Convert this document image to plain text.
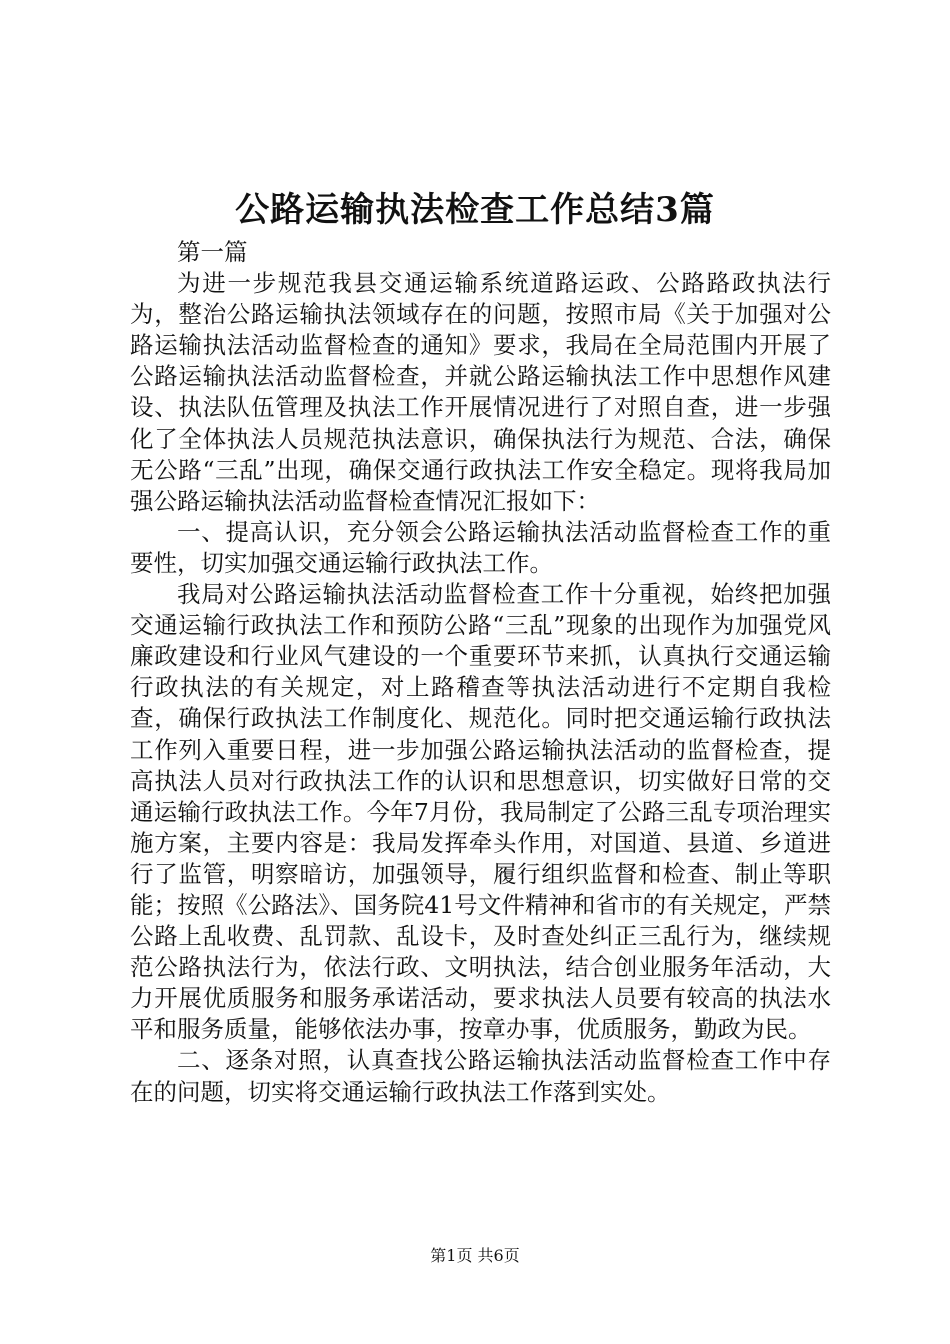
公路运输执法检查工作总结3篇

第一篇

为进一步规范我县交通运输系统道路运政、公路路政执法行为，整治公路运输执法领域存在的问题，按照市局《关于加强对公路运输执法活动监督检查的通知》要求，我局在全局范围内开展了公路运输执法活动监督检查，并就公路运输执法工作中思想作风建设、执法队伍管理及执法工作开展情况进行了对照自查，进一步强化了全体执法人员规范执法意识，确保执法行为规范、合法，确保无公路“三乱”出现，确保交通行政执法工作安全稳定。现将我局加强公路运输执法活动监督检查情况汇报如下：

一、提高认识，充分领会公路运输执法活动监督检查工作的重要性，切实加强交通运输行政执法工作。

我局对公路运输执法活动监督检查工作十分重视，始终把加强交通运输行政执法工作和预防公路“三乱”现象的出现作为加强党风廉政建设和行业风气建设的一个重要环节来抓，认真执行交通运输行政执法的有关规定，对上路稽查等执法活动进行不定期自我检查，确保行政执法工作制度化、规范化。同时把交通运输行政执法工作列入重要日程，进一步加强公路运输执法活动的监督检查，提高执法人员对行政执法工作的认识和思想意识，切实做好日常的交通运输行政执法工作。今年7月份，我局制定了公路三乱专项治理实施方案，主要内容是：我局发挥牵头作用，对国道、县道、乡道进行了监管，明察暗访，加强领导，履行组织监督和检查、制止等职能；按照《公路法》、国务院41号文件精神和省市的有关规定，严禁公路上乱收费、乱罚款、乱设卡，及时查处纠正三乱行为，继续规范公路执法行为，依法行政、文明执法，结合创业服务年活动，大力开展优质服务和服务承诺活动，要求执法人员要有较高的执法水平和服务质量，能够依法办事，按章办事，优质服务，勤政为民。

二、逐条对照，认真查找公路运输执法活动监督检查工作中存在的问题，切实将交通运输行政执法工作落到实处。

第1页 共6页
